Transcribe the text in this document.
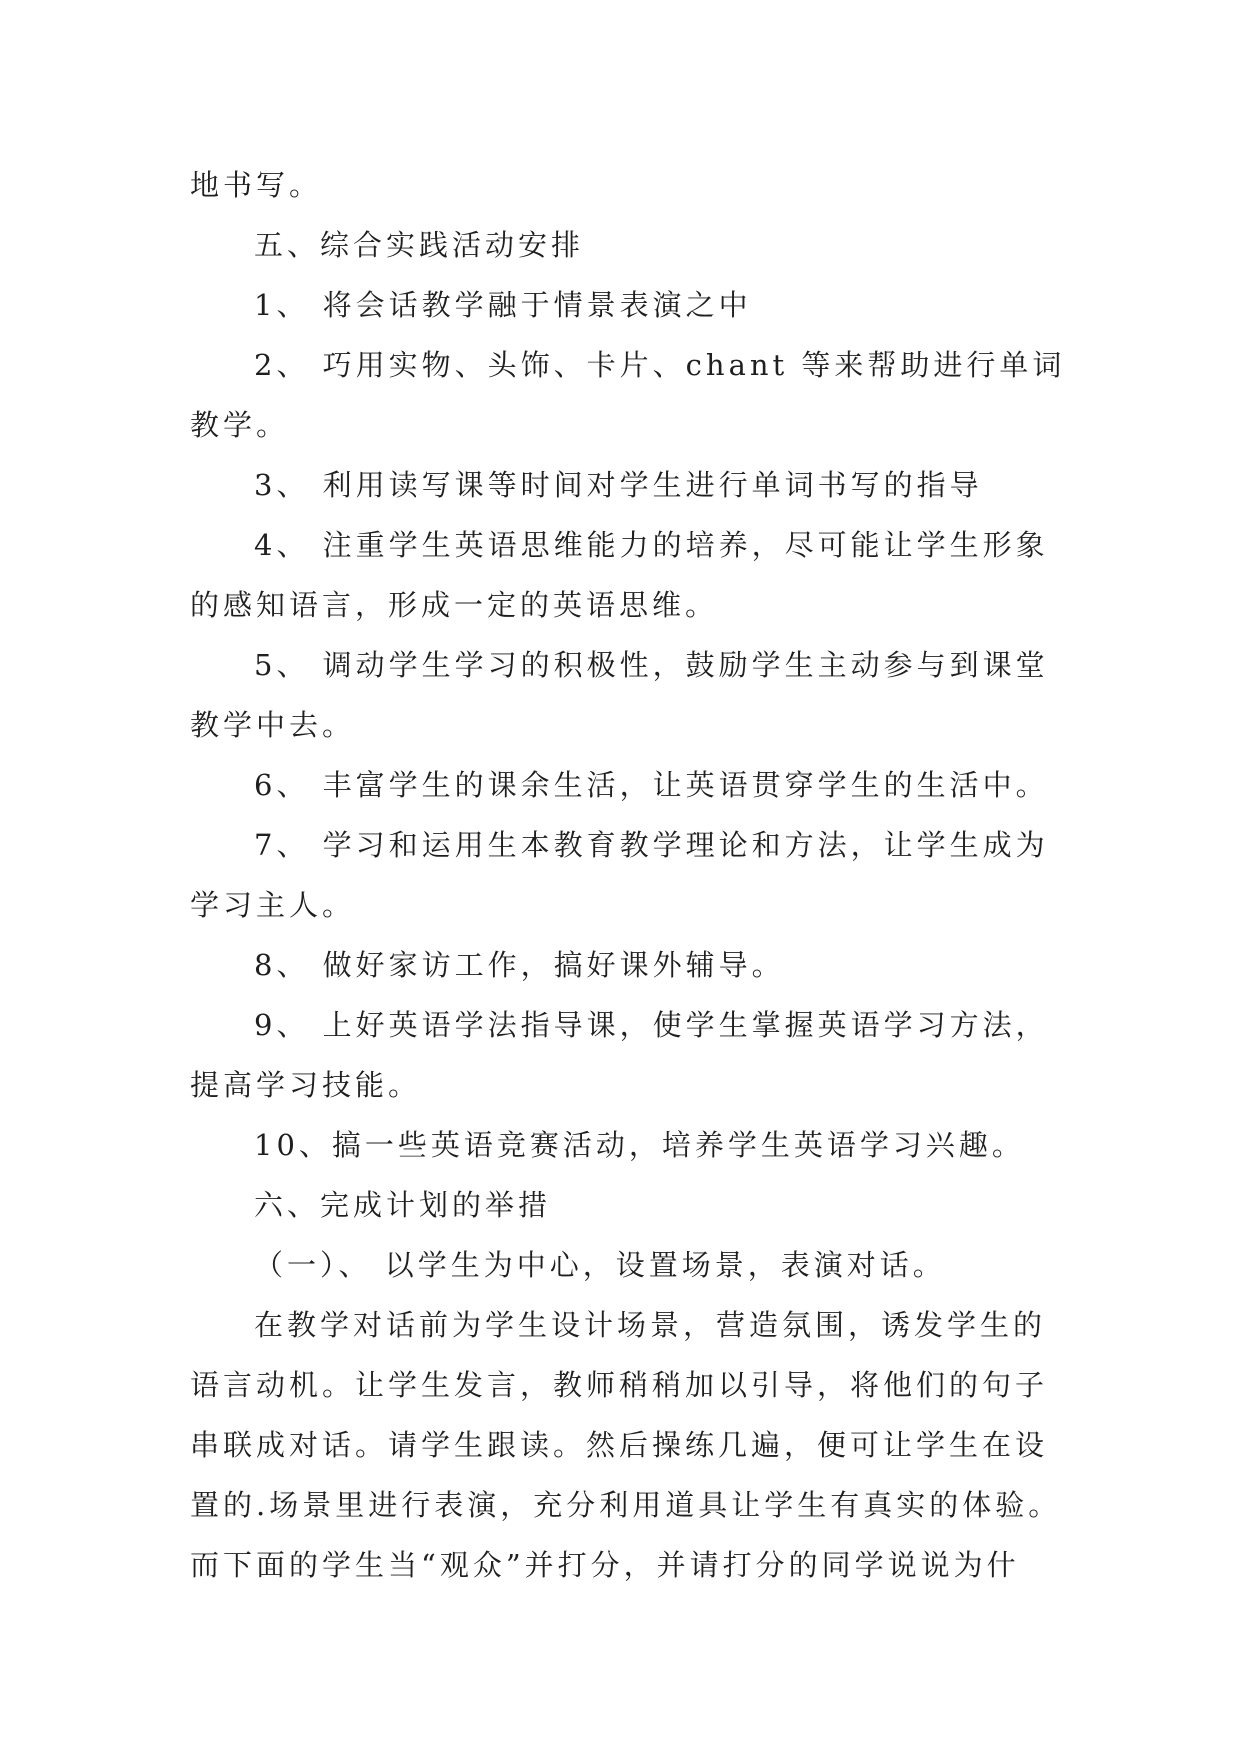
地书写。
五、综合实践活动安排
1、 将会话教学融于情景表演之中
2、 巧用实物、头饰、卡片、chant 等来帮助进行单词
教学。
3、 利用读写课等时间对学生进行单词书写的指导
4、 注重学生英语思维能力的培养，尽可能让学生形象
的感知语言，形成一定的英语思维。
5、 调动学生学习的积极性，鼓励学生主动参与到课堂
教学中去。
6、 丰富学生的课余生活，让英语贯穿学生的生活中。
7、 学习和运用生本教育教学理论和方法，让学生成为
学习主人。
8、 做好家访工作，搞好课外辅导。
9、 上好英语学法指导课，使学生掌握英语学习方法，
提高学习技能。
10、搞一些英语竞赛活动，培养学生英语学习兴趣。
六、完成计划的举措
（一）、 以学生为中心，设置场景，表演对话。
在教学对话前为学生设计场景，营造氛围，诱发学生的
语言动机。让学生发言，教师稍稍加以引导，将他们的句子
串联成对话。请学生跟读。然后操练几遍，便可让学生在设
置的.场景里进行表演，充分利用道具让学生有真实的体验。
而下面的学生当“观众”并打分，并请打分的同学说说为什
